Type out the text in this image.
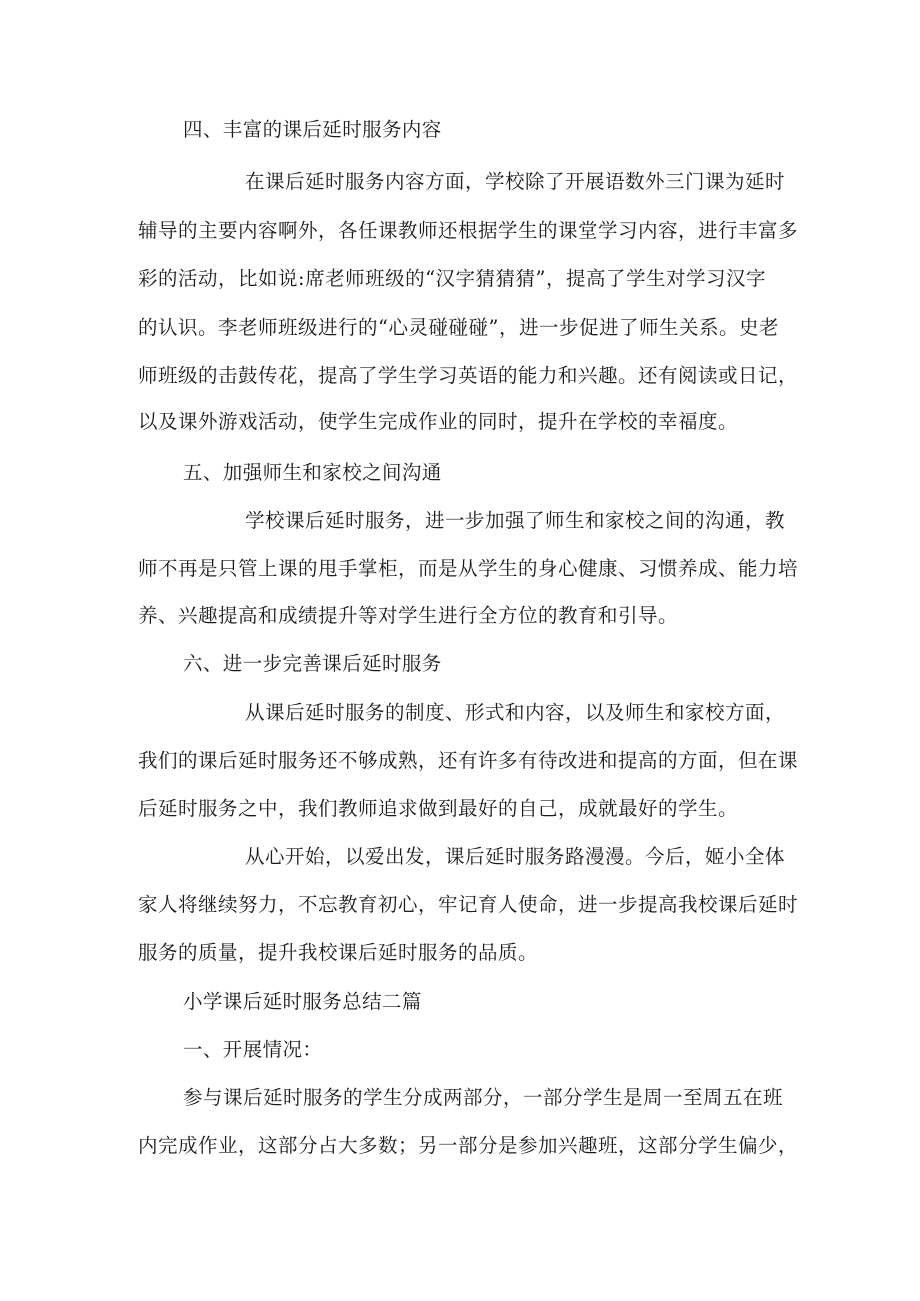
四、丰富的课后延时服务内容
在课后延时服务内容方面，学校除了开展语数外三门课为延时
辅导的主要内容啊外，各任课教师还根据学生的课堂学习内容，进行丰富多
彩的活动，比如说:席老师班级的“汉字猜猜猜”，提高了学生对学习汉字
的认识。李老师班级进行的“心灵碰碰碰”，进一步促进了师生关系。史老
师班级的击鼓传花，提高了学生学习英语的能力和兴趣。还有阅读或日记，
以及课外游戏活动，使学生完成作业的同时，提升在学校的幸福度。
五、加强师生和家校之间沟通
学校课后延时服务，进一步加强了师生和家校之间的沟通，教
师不再是只管上课的甩手掌柜，而是从学生的身心健康、习惯养成、能力培
养、兴趣提高和成绩提升等对学生进行全方位的教育和引导。
六、进一步完善课后延时服务
从课后延时服务的制度、形式和内容，以及师生和家校方面，
我们的课后延时服务还不够成熟，还有许多有待改进和提高的方面，但在课
后延时服务之中，我们教师追求做到最好的自己，成就最好的学生。
从心开始，以爱出发，课后延时服务路漫漫。今后，姬小全体
家人将继续努力，不忘教育初心，牢记育人使命，进一步提高我校课后延时
服务的质量，提升我校课后延时服务的品质。
小学课后延时服务总结二篇
一、开展情况：
参与课后延时服务的学生分成两部分，一部分学生是周一至周五在班
内完成作业，这部分占大多数；另一部分是参加兴趣班，这部分学生偏少，
